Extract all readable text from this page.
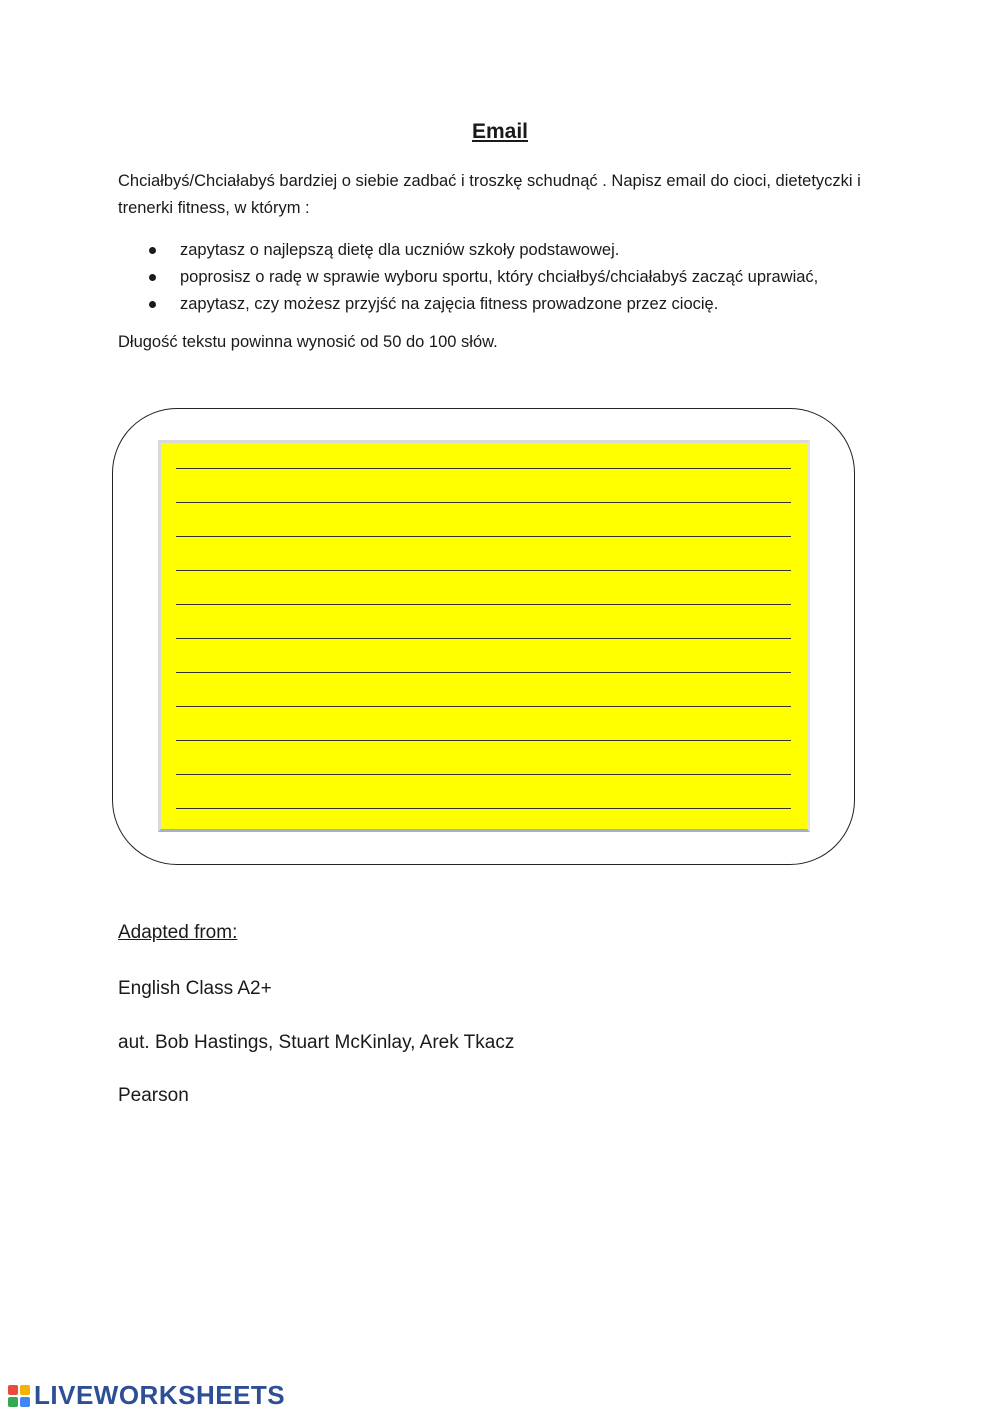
Email

Chciałbyś/Chciałabyś bardziej o siebie zadbać i troszkę schudnąć . Napisz email do cioci, dietetyczki i trenerki fitness, w którym :

zapytasz o najlepszą dietę dla uczniów szkoły podstawowej.
poprosisz o radę w sprawie wyboru sportu, który chciałbyś/chciałabyś zacząć uprawiać,
zapytasz, czy możesz przyjść na zajęcia fitness prowadzone przez ciocię.

Długość tekstu powinna wynosić od 50 do 100 słów.

Adapted from:

English Class A2+

aut. Bob Hastings, Stuart McKinlay, Arek Tkacz

Pearson

LIVEWORKSHEETS
